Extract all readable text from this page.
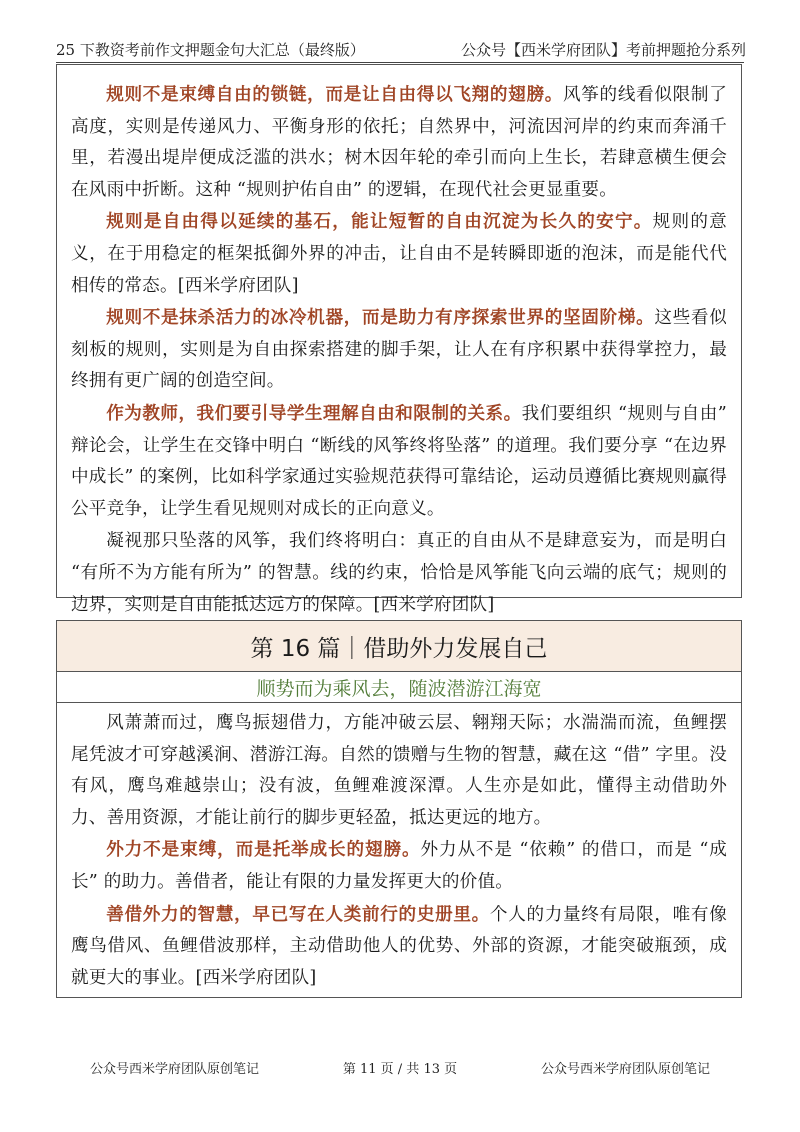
25 下教资考前作文押题金句大汇总（最终版）	公众号【西米学府团队】考前押题抢分系列

规则不是束缚自由的锁链，而是让自由得以飞翔的翅膀。风筝的线看似限制了高度，实则是传递风力、平衡身形的依托；自然界中，河流因河岸的约束而奔涌千里，若漫出堤岸便成泛滥的洪水；树木因年轮的牵引而向上生长，若肆意横生便会在风雨中折断。这种 “规则护佑自由” 的逻辑，在现代社会更显重要。

规则是自由得以延续的基石，能让短暂的自由沉淀为长久的安宁。规则的意义，在于用稳定的框架抵御外界的冲击，让自由不是转瞬即逝的泡沫，而是能代代相传的常态。[西米学府团队]

规则不是抹杀活力的冰冷机器，而是助力有序探索世界的坚固阶梯。这些看似刻板的规则，实则是为自由探索搭建的脚手架，让人在有序积累中获得掌控力，最终拥有更广阔的创造空间。

作为教师，我们要引导学生理解自由和限制的关系。我们要组织 “规则与自由” 辩论会，让学生在交锋中明白 “断线的风筝终将坠落” 的道理。我们要分享 “在边界中成长” 的案例，比如科学家通过实验规范获得可靠结论，运动员遵循比赛规则赢得公平竞争，让学生看见规则对成长的正向意义。

凝视那只坠落的风筝，我们终将明白：真正的自由从不是肆意妄为，而是明白 “有所不为方能有所为” 的智慧。线的约束，恰恰是风筝能飞向云端的底气；规则的边界，实则是自由能抵达远方的保障。[西米学府团队]

第 16 篇｜借助外力发展自己
顺势而为乘风去，随波潜游江海宽

风萧萧而过，鹰鸟振翅借力，方能冲破云层、翱翔天际；水湍湍而流，鱼鲤摆尾凭波才可穿越溪涧、潜游江海。自然的馈赠与生物的智慧，藏在这 “借” 字里。没有风，鹰鸟难越崇山；没有波，鱼鲤难渡深潭。人生亦是如此，懂得主动借助外力、善用资源，才能让前行的脚步更轻盈，抵达更远的地方。

外力不是束缚，而是托举成长的翅膀。外力从不是 “依赖” 的借口，而是 “成长” 的助力。善借者，能让有限的力量发挥更大的价值。

善借外力的智慧，早已写在人类前行的史册里。个人的力量终有局限，唯有像鹰鸟借风、鱼鲤借波那样，主动借助他人的优势、外部的资源，才能突破瓶颈，成就更大的事业。[西米学府团队]

公众号西米学府团队原创笔记	第 11 页 / 共 13 页	公众号西米学府团队原创笔记
